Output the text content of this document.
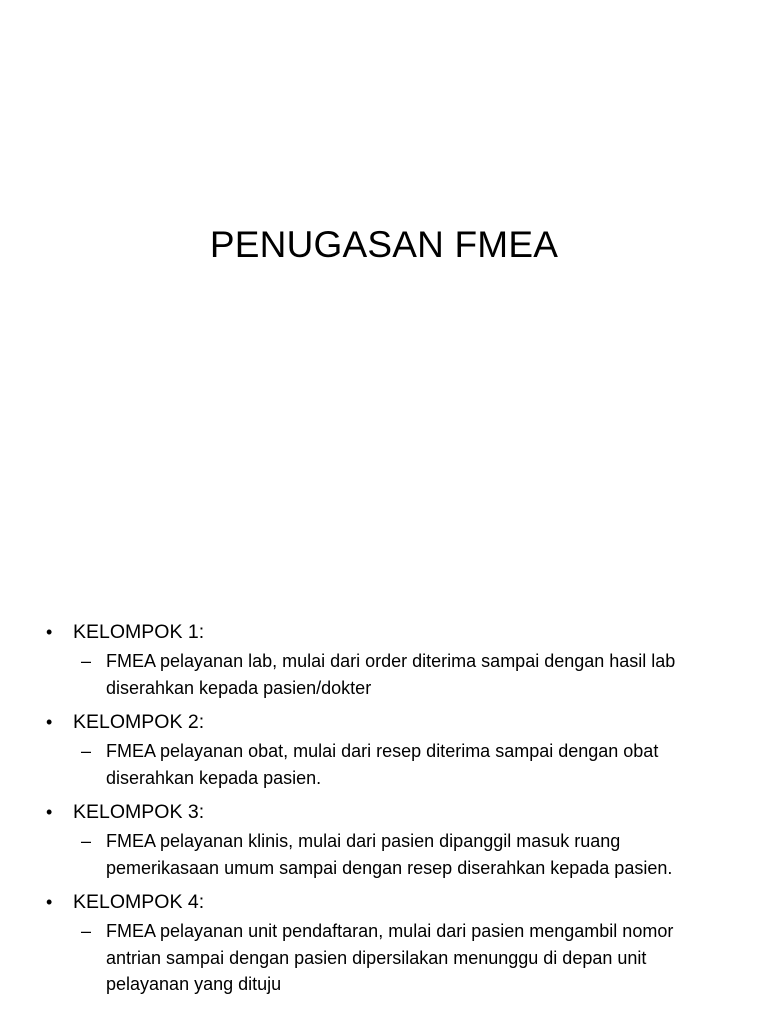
PENUGASAN FMEA
• KELOMPOK 1:
– FMEA pelayanan lab, mulai dari order diterima sampai dengan hasil lab diserahkan kepada pasien/dokter
• KELOMPOK 2:
– FMEA pelayanan obat, mulai dari resep diterima sampai dengan obat diserahkan kepada pasien.
• KELOMPOK 3:
– FMEA pelayanan klinis, mulai dari pasien dipanggil masuk ruang pemerikasaan umum sampai dengan resep diserahkan kepada pasien.
• KELOMPOK 4:
– FMEA pelayanan unit pendaftaran, mulai dari pasien mengambil nomor antrian sampai dengan pasien dipersilakan menunggu di depan unit pelayanan yang dituju
